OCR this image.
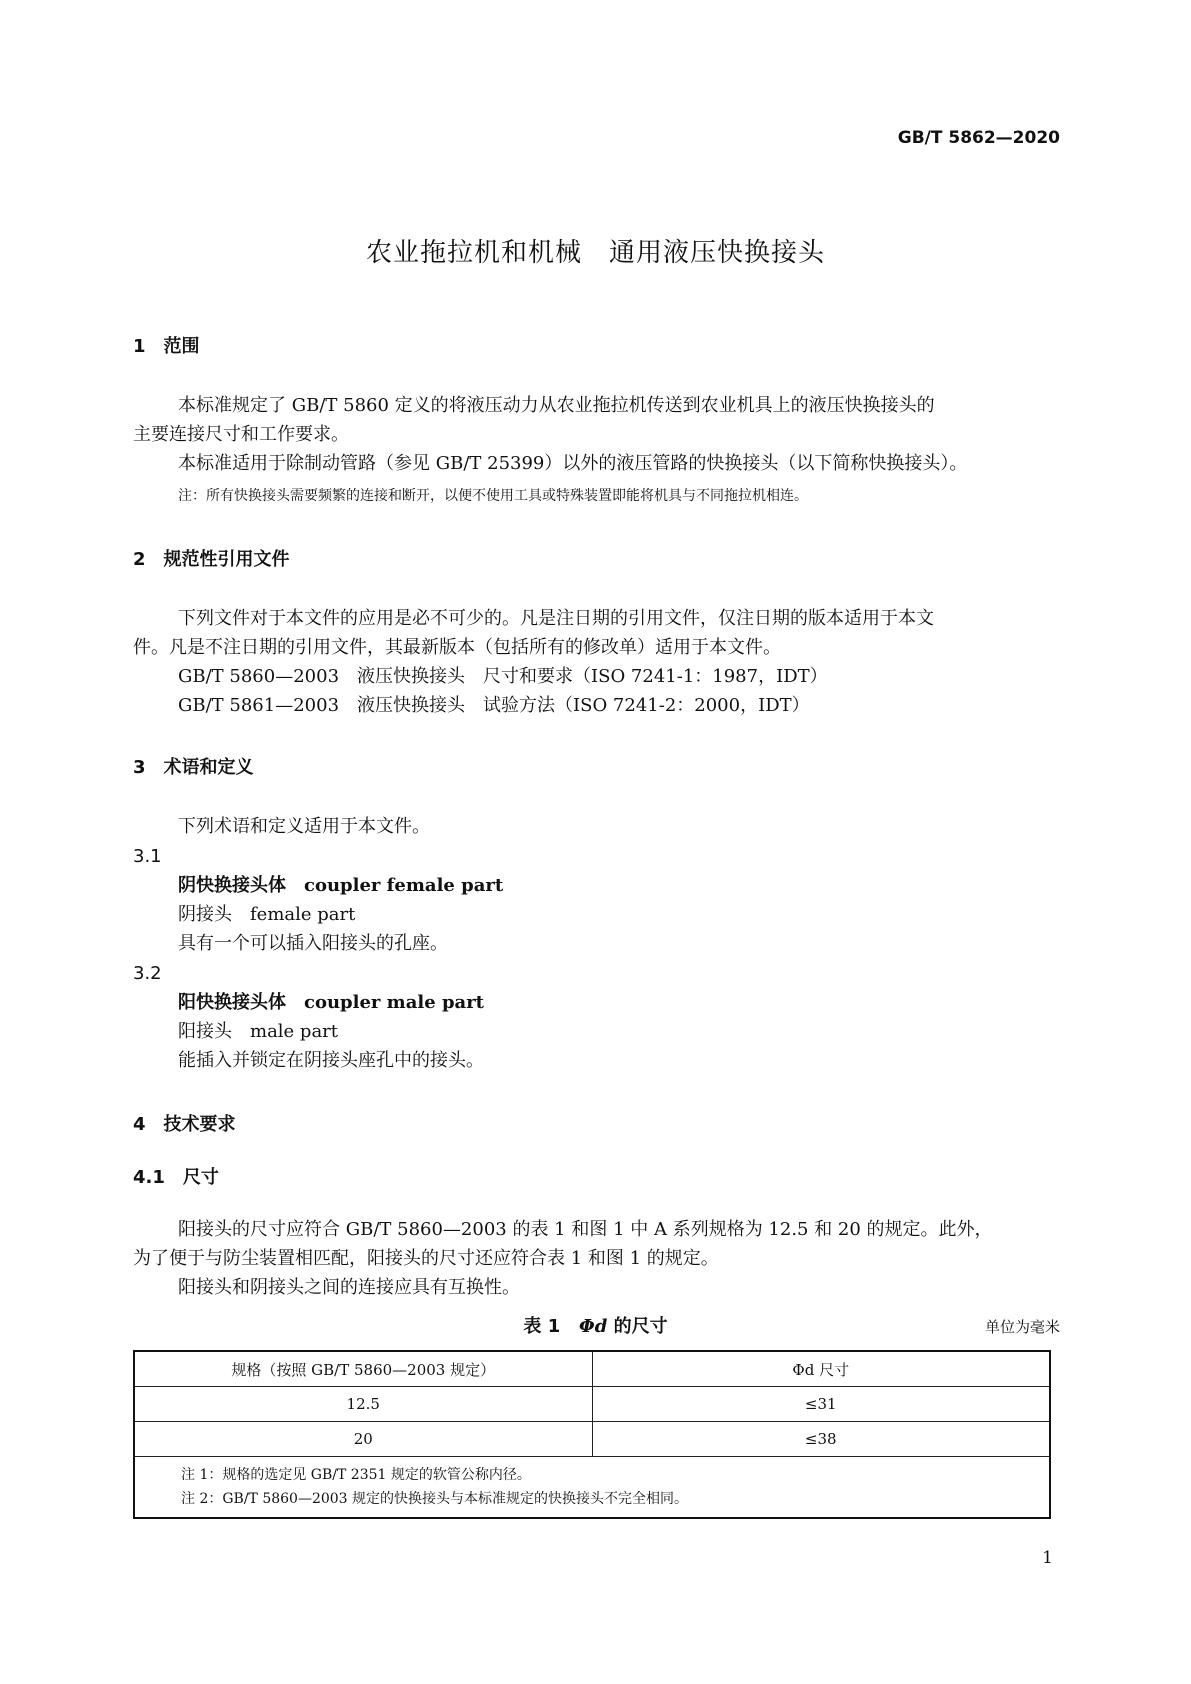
GB/T 5862—2020
农业拖拉机和机械　通用液压快换接头
1　范围
本标准规定了 GB/T 5860 定义的将液压动力从农业拖拉机传送到农业机具上的液压快换接头的
主要连接尺寸和工作要求。
本标准适用于除制动管路（参见 GB/T 25399）以外的液压管路的快换接头（以下简称快换接头）。
注：所有快换接头需要频繁的连接和断开，以便不使用工具或特殊装置即能将机具与不同拖拉机相连。
2　规范性引用文件
下列文件对于本文件的应用是必不可少的。凡是注日期的引用文件，仅注日期的版本适用于本文
件。凡是不注日期的引用文件，其最新版本（包括所有的修改单）适用于本文件。
GB/T 5860—2003　液压快换接头　尺寸和要求（ISO 7241-1：1987，IDT）
GB/T 5861—2003　液压快换接头　试验方法（ISO 7241-2：2000，IDT）
3　术语和定义
下列术语和定义适用于本文件。
3.1
阴快换接头体　coupler female part
阴接头　female part
具有一个可以插入阳接头的孔座。
3.2
阳快换接头体　coupler male part
阳接头　male part
能插入并锁定在阴接头座孔中的接头。
4　技术要求
4.1　尺寸
阳接头的尺寸应符合 GB/T 5860—2003 的表 1 和图 1 中 A 系列规格为 12.5 和 20 的规定。此外，
为了便于与防尘装置相匹配，阳接头的尺寸还应符合表 1 和图 1 的规定。
阳接头和阴接头之间的连接应具有互换性。
表 1 Φd 的尺寸	单位为毫米
规格（按照 GB/T 5860—2003 规定）	Φd 尺寸
12.5	≤31
20	≤38

注 1：规格的选定见 GB/T 2351 规定的软管公称内径。
注 2：GB/T 5860—2003 规定的快换接头与本标准规定的快换接头不完全相同。	
1
